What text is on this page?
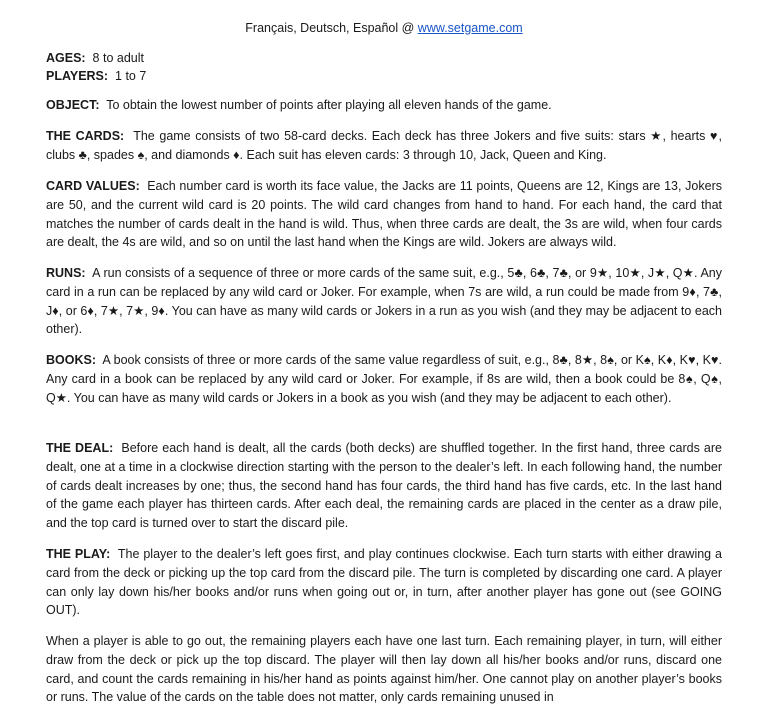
Français, Deutsch, Español @ www.setgame.com
AGES: 8 to adult
PLAYERS: 1 to 7

OBJECT: To obtain the lowest number of points after playing all eleven hands of the game.

THE CARDS: The game consists of two 58-card decks. Each deck has three Jokers and five suits: stars ★, hearts ♥, clubs ♣, spades ♠, and diamonds ♦. Each suit has eleven cards: 3 through 10, Jack, Queen and King.

CARD VALUES: Each number card is worth its face value, the Jacks are 11 points, Queens are 12, Kings are 13, Jokers are 50, and the current wild card is 20 points. The wild card changes from hand to hand. For each hand, the card that matches the number of cards dealt in the hand is wild. Thus, when three cards are dealt, the 3s are wild, when four cards are dealt, the 4s are wild, and so on until the last hand when the Kings are wild. Jokers are always wild.

RUNS: A run consists of a sequence of three or more cards of the same suit, e.g., 5♣, 6♣, 7♣, or 9★, 10★, J★, Q★. Any card in a run can be replaced by any wild card or Joker. For example, when 7s are wild, a run could be made from 9♦, 7♣, J♦, or 6♦, 7★, 7★, 9♦. You can have as many wild cards or Jokers in a run as you wish (and they may be adjacent to each other).

BOOKS: A book consists of three or more cards of the same value regardless of suit, e.g., 8♣, 8★, 8♠, or K♠, K♦, K♥, K♥. Any card in a book can be replaced by any wild card or Joker. For example, if 8s are wild, then a book could be 8♠, Q♠, Q★. You can have as many wild cards or Jokers in a book as you wish (and they may be adjacent to each other).

THE DEAL: Before each hand is dealt, all the cards (both decks) are shuffled together. In the first hand, three cards are dealt, one at a time in a clockwise direction starting with the person to the dealer’s left. In each following hand, the number of cards dealt increases by one; thus, the second hand has four cards, the third hand has five cards, etc. In the last hand of the game each player has thirteen cards. After each deal, the remaining cards are placed in the center as a draw pile, and the top card is turned over to start the discard pile.

THE PLAY: The player to the dealer’s left goes first, and play continues clockwise. Each turn starts with either drawing a card from the deck or picking up the top card from the discard pile. The turn is completed by discarding one card. A player can only lay down his/her books and/or runs when going out or, in turn, after another player has gone out (see GOING OUT).

When a player is able to go out, the remaining players each have one last turn. Each remaining player, in turn, will either draw from the deck or pick up the top discard. The player will then lay down all his/her books and/or runs, discard one card, and count the cards remaining in his/her hand as points against him/her. One cannot play on another player’s books or runs. The value of the cards on the table does not matter, only cards remaining unused in
